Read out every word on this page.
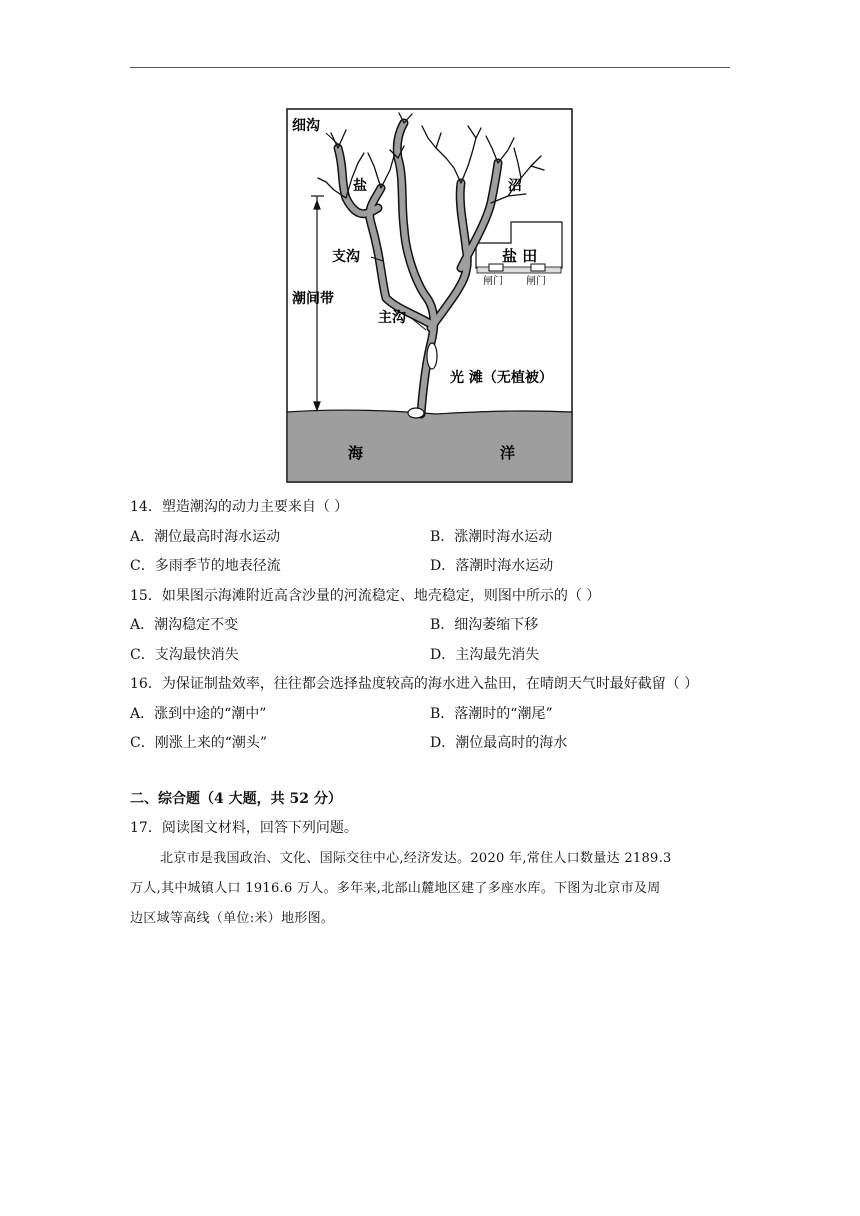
细沟
盐	沼
支沟
潮间带
主沟
盐 田
闸门 闸门
光 滩（无植被）
海	洋
14．塑造潮沟的动力主要来自（ ）
A．潮位最高时海水运动	B．涨潮时海水运动
C．多雨季节的地表径流	D．落潮时海水运动
15．如果图示海滩附近高含沙量的河流稳定、地壳稳定，则图中所示的（ ）
A．潮沟稳定不变	B．细沟萎缩下移
C．支沟最快消失	D．主沟最先消失
16．为保证制盐效率，往往都会选择盐度较高的海水进入盐田，在晴朗天气时最好截留（ ）
A．涨到中途的“潮中”	B．落潮时的“潮尾”
C．刚涨上来的“潮头”	D．潮位最高时的海水
二、综合题（4 大题，共 52 分）
17．阅读图文材料，回答下列问题。
北京市是我国政治、文化、国际交往中心,经济发达。2020 年,常住人口数量达 2189.3
万人,其中城镇人口 1916.6 万人。多年来,北部山麓地区建了多座水库。下图为北京市及周
边区域等高线（单位:米）地形图。
